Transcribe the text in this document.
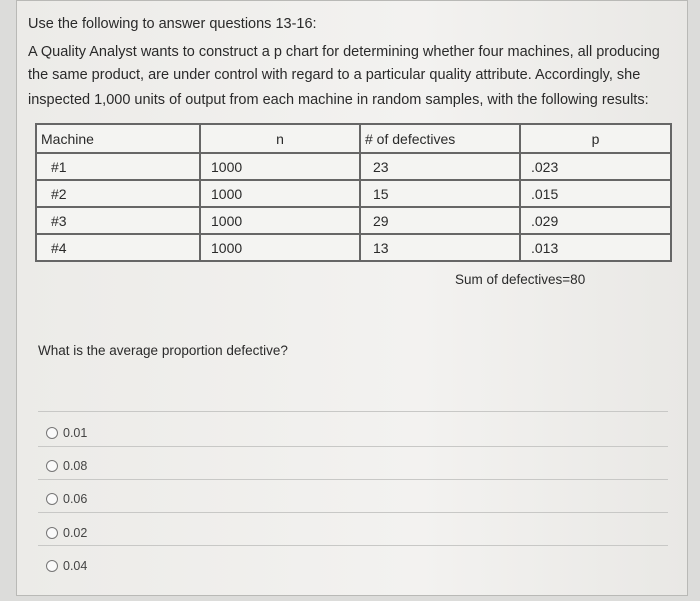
Use the following to answer questions 13-16:
A Quality Analyst wants to construct a p chart for determining whether four machines, all producing
the same product, are under control with regard to a particular quality attribute. Accordingly, she
inspected 1,000 units of output from each machine in random samples, with the following results:
Machine	n	# of defectives	p
#1	1000	23	.023
#2	1000	15	.015
#3	1000	29	.029
#4	1000	13	.013
Sum of defectives=80
What is the average proportion defective?
0.01
0.08
0.06
0.02
0.04
